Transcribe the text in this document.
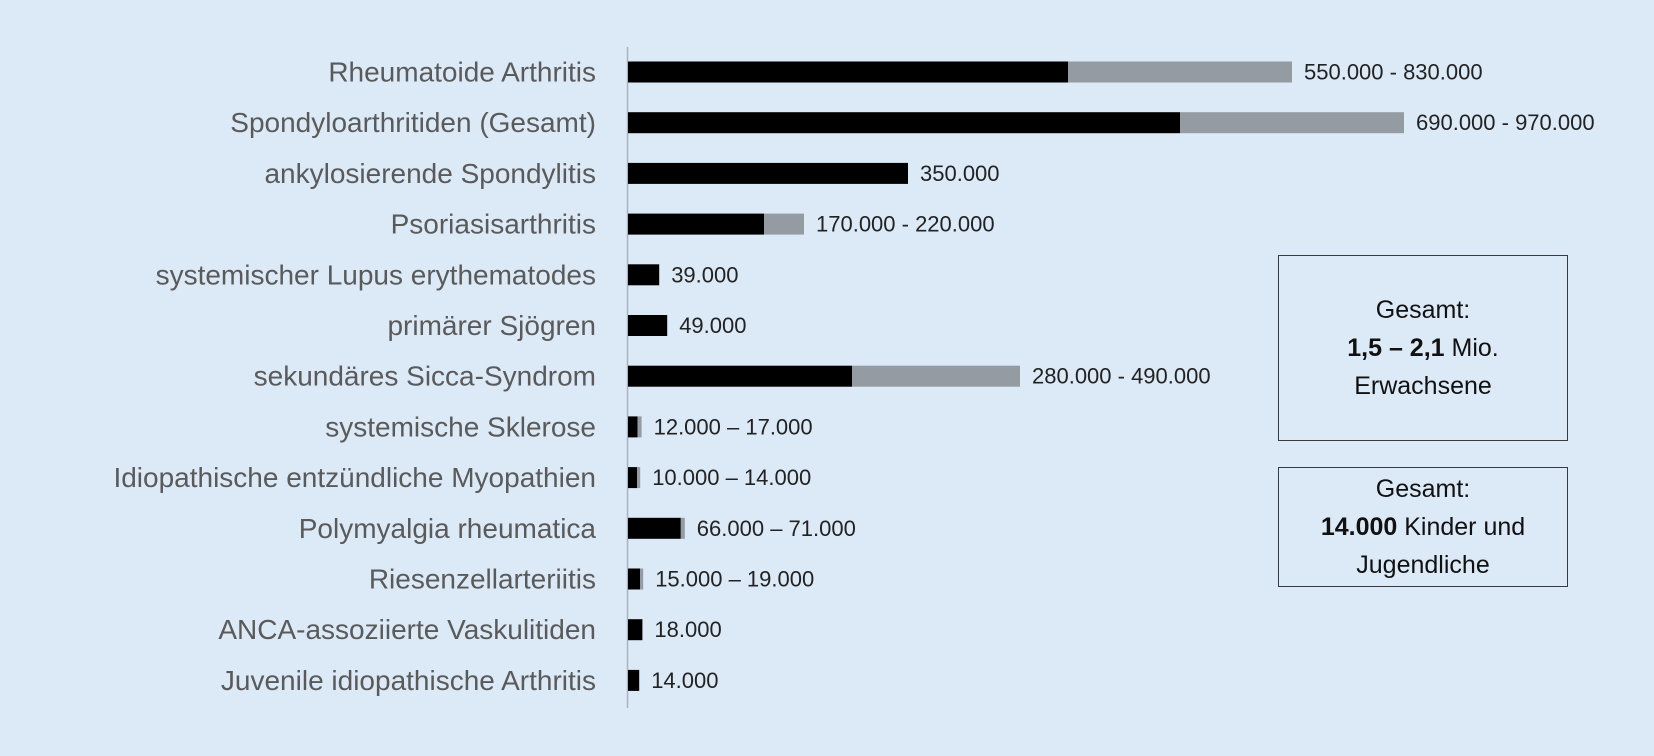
Rheumatoide Arthritis
Spondyloarthritiden (Gesamt)
ankylosierende Spondylitis
Psoriasisarthritis
systemischer Lupus erythematodes
primärer Sjögren
sekundäres Sicca-Syndrom
systemische Sklerose
Idiopathische entzündliche Myopathien
Polymyalgia rheumatica
Riesenzellarteriitis
ANCA-assoziierte Vaskulitiden
Juvenile idiopathische Arthritis
550.000 - 830.000
690.000 - 970.000
350.000
170.000 - 220.000
39.000
49.000
280.000 - 490.000
12.000 – 17.000
10.000 – 14.000
66.000 – 71.000
15.000 – 19.000
18.000
14.000
Gesamt:
1,5 – 2,1 Mio.
Erwachsene
Gesamt:
14.000 Kinder und
Jugendliche
